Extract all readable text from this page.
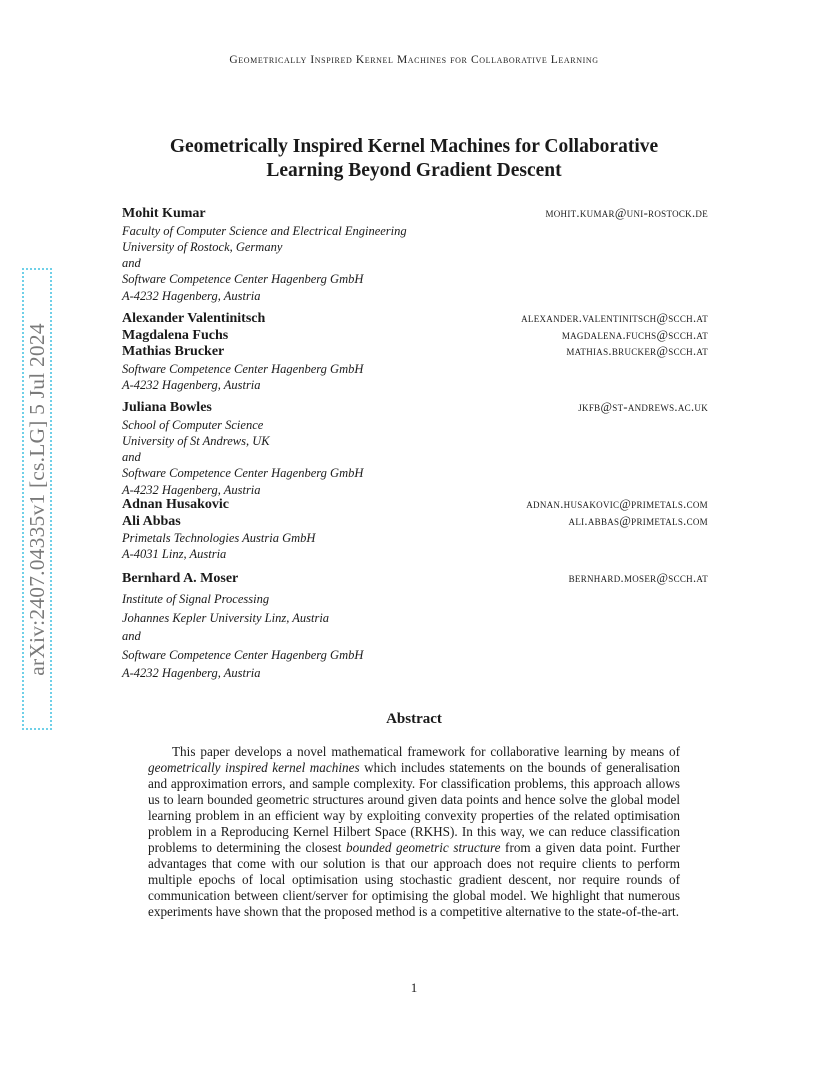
Geometrically Inspired Kernel Machines for Collaborative Learning
Geometrically Inspired Kernel Machines for Collaborative
Learning Beyond Gradient Descent
arXiv:2407.04335v1 [cs.LG] 5 Jul 2024
Mohit Kumar	mohit.kumar@uni-rostock.de
Faculty of Computer Science and Electrical Engineering
University of Rostock, Germany
and
Software Competence Center Hagenberg GmbH
A-4232 Hagenberg, Austria
Alexander Valentinitsch	alexander.valentinitsch@scch.at
Magdalena Fuchs	magdalena.fuchs@scch.at
Mathias Brucker	mathias.brucker@scch.at
Software Competence Center Hagenberg GmbH
A-4232 Hagenberg, Austria
Juliana Bowles	jkfb@st-andrews.ac.uk
School of Computer Science
University of St Andrews, UK
and
Software Competence Center Hagenberg GmbH
A-4232 Hagenberg, Austria
Adnan Husakovic	adnan.husakovic@primetals.com
Ali Abbas	ali.abbas@primetals.com
Primetals Technologies Austria GmbH
A-4031 Linz, Austria
Bernhard A. Moser	bernhard.moser@scch.at
Institute of Signal Processing
Johannes Kepler University Linz, Austria
and
Software Competence Center Hagenberg GmbH
A-4232 Hagenberg, Austria
Abstract
This paper develops a novel mathematical framework for collaborative learning by means of geometrically inspired kernel machines which includes statements on the bounds of generalisation and approximation errors, and sample complexity. For classification problems, this approach allows us to learn bounded geometric structures around given data points and hence solve the global model learning problem in an efficient way by exploiting convexity properties of the related optimisation problem in a Reproducing Kernel Hilbert Space (RKHS). In this way, we can reduce classification problems to determining the closest bounded geometric structure from a given data point. Further advantages that come with our solution is that our approach does not require clients to perform multiple epochs of local optimisation using stochastic gradient descent, nor require rounds of communication between client/server for optimising the global model. We highlight that numerous experiments have shown that the proposed method is a competitive alternative to the state-of-the-art.
1
